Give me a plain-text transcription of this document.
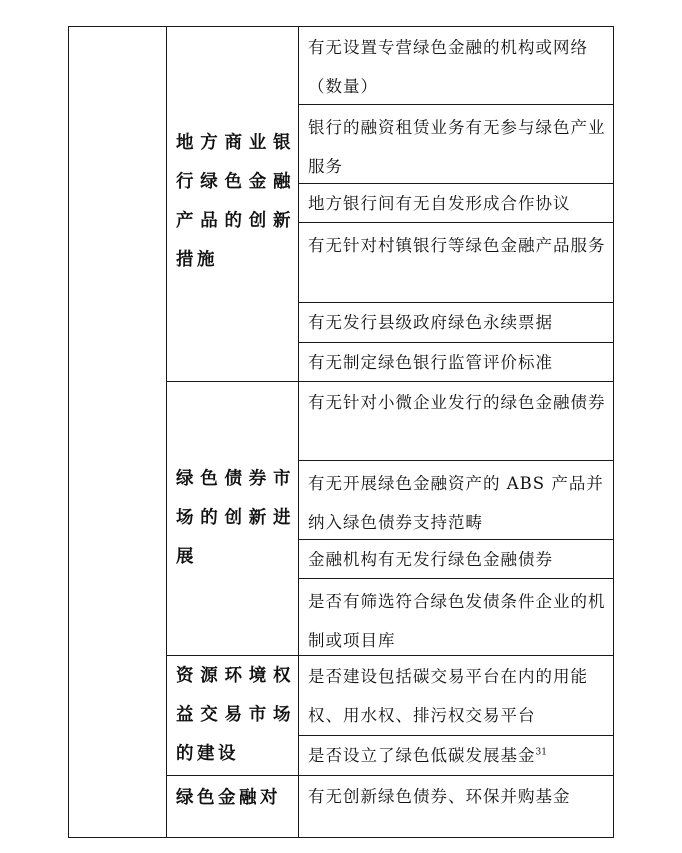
地方商业银行绿色金融产品的创新措施
有无设置专营绿色金融的机构或网络（数量）
银行的融资租赁业务有无参与绿色产业服务
地方银行间有无自发形成合作协议
有无针对村镇银行等绿色金融产品服务
有无发行县级政府绿色永续票据
有无制定绿色银行监管评价标准
绿色债券市场的创新进展
有无针对小微企业发行的绿色金融债券
有无开展绿色金融资产的 ABS 产品并纳入绿色债券支持范畴
金融机构有无发行绿色金融债券
是否有筛选符合绿色发债条件企业的机制或项目库
资源环境权益交易市场的建设
是否建设包括碳交易平台在内的用能权、用水权、排污权交易平台
是否设立了绿色低碳发展基金$^{31}$
绿色金融对	有无创新绿色债券、环保并购基金
